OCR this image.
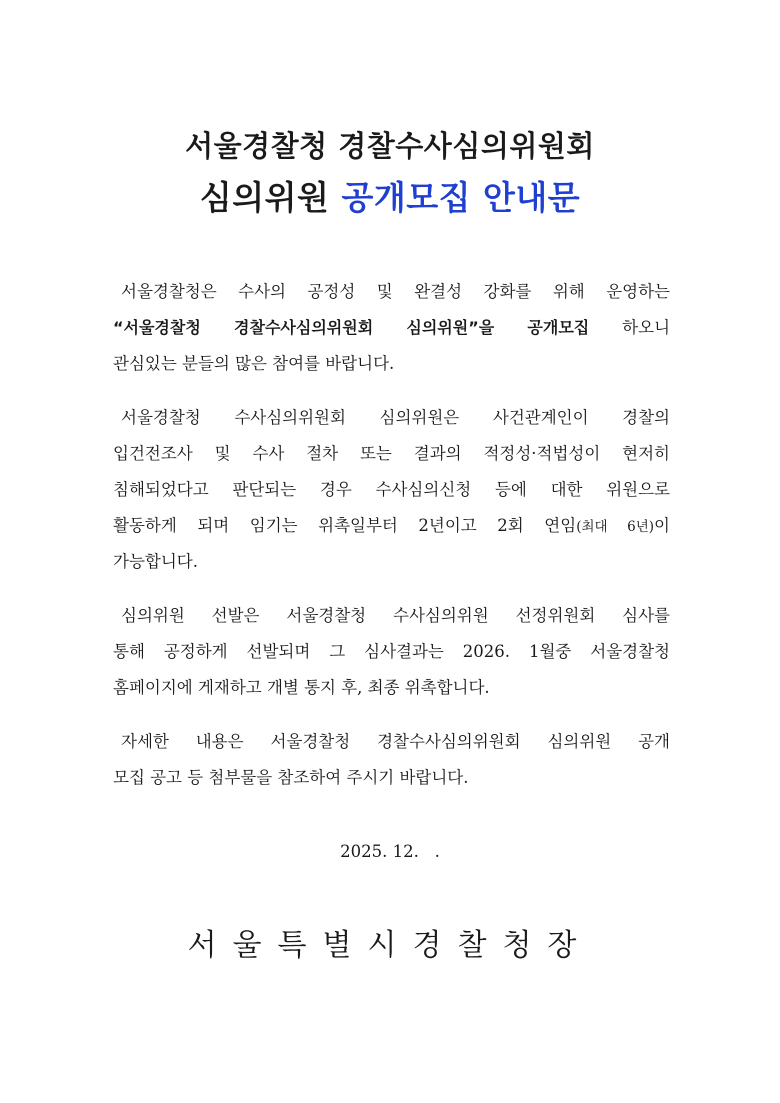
서울경찰청 경찰수사심의위원회
심의위원 공개모집 안내문
서울경찰청은 수사의 공정성 및 완결성 강화를 위해 운영하는
“서울경찰청 경찰수사심의위원회 심의위원”을 공개모집 하오니
관심있는 분들의 많은 참여를 바랍니다.
서울경찰청 수사심의위원회 심의위원은 사건관계인이 경찰의
입건전조사 및 수사 절차 또는 결과의 적정성·적법성이 현저히
침해되었다고 판단되는 경우 수사심의신청 등에 대한 위원으로
활동하게 되며 임기는 위촉일부터 2년이고 2회 연임(최대 6년)이
가능합니다.
심의위원 선발은 서울경찰청 수사심의위원 선정위원회 심사를
통해 공정하게 선발되며 그 심사결과는 2026. 1월중 서울경찰청
홈페이지에 게재하고 개별 통지 후, 최종 위촉합니다.
자세한 내용은 서울경찰청 경찰수사심의위원회 심의위원 공개
모집 공고 등 첨부물을 참조하여 주시기 바랍니다.
2025. 12.   .
서울특별시경찰청장
